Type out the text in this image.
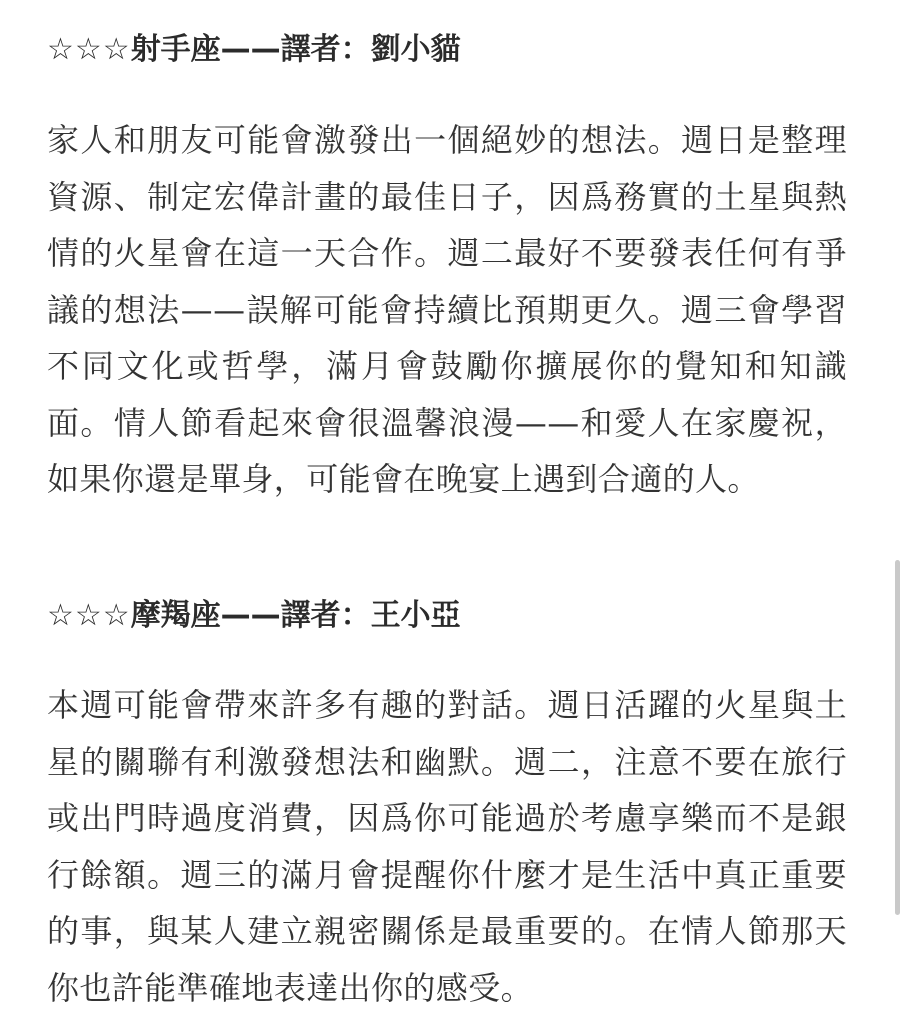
☆☆☆射手座——譯者：劉小貓
家人和朋友可能會激發出一個絕妙的想法。週日是整理資源、制定宏偉計畫的最佳日子，因爲務實的土星與熱情的火星會在這一天合作。週二最好不要發表任何有爭議的想法——誤解可能會持續比預期更久。週三會學習不同文化或哲學，滿月會鼓勵你擴展你的覺知和知識面。情人節看起來會很溫馨浪漫——和愛人在家慶祝，如果你還是單身，可能會在晚宴上遇到合適的人。
☆☆☆摩羯座——譯者：王小亞
本週可能會帶來許多有趣的對話。週日活躍的火星與土星的關聯有利激發想法和幽默。週二，注意不要在旅行或出門時過度消費，因爲你可能過於考慮享樂而不是銀行餘額。週三的滿月會提醒你什麼才是生活中真正重要的事，與某人建立親密關係是最重要的。在情人節那天你也許能準確地表達出你的感受。
